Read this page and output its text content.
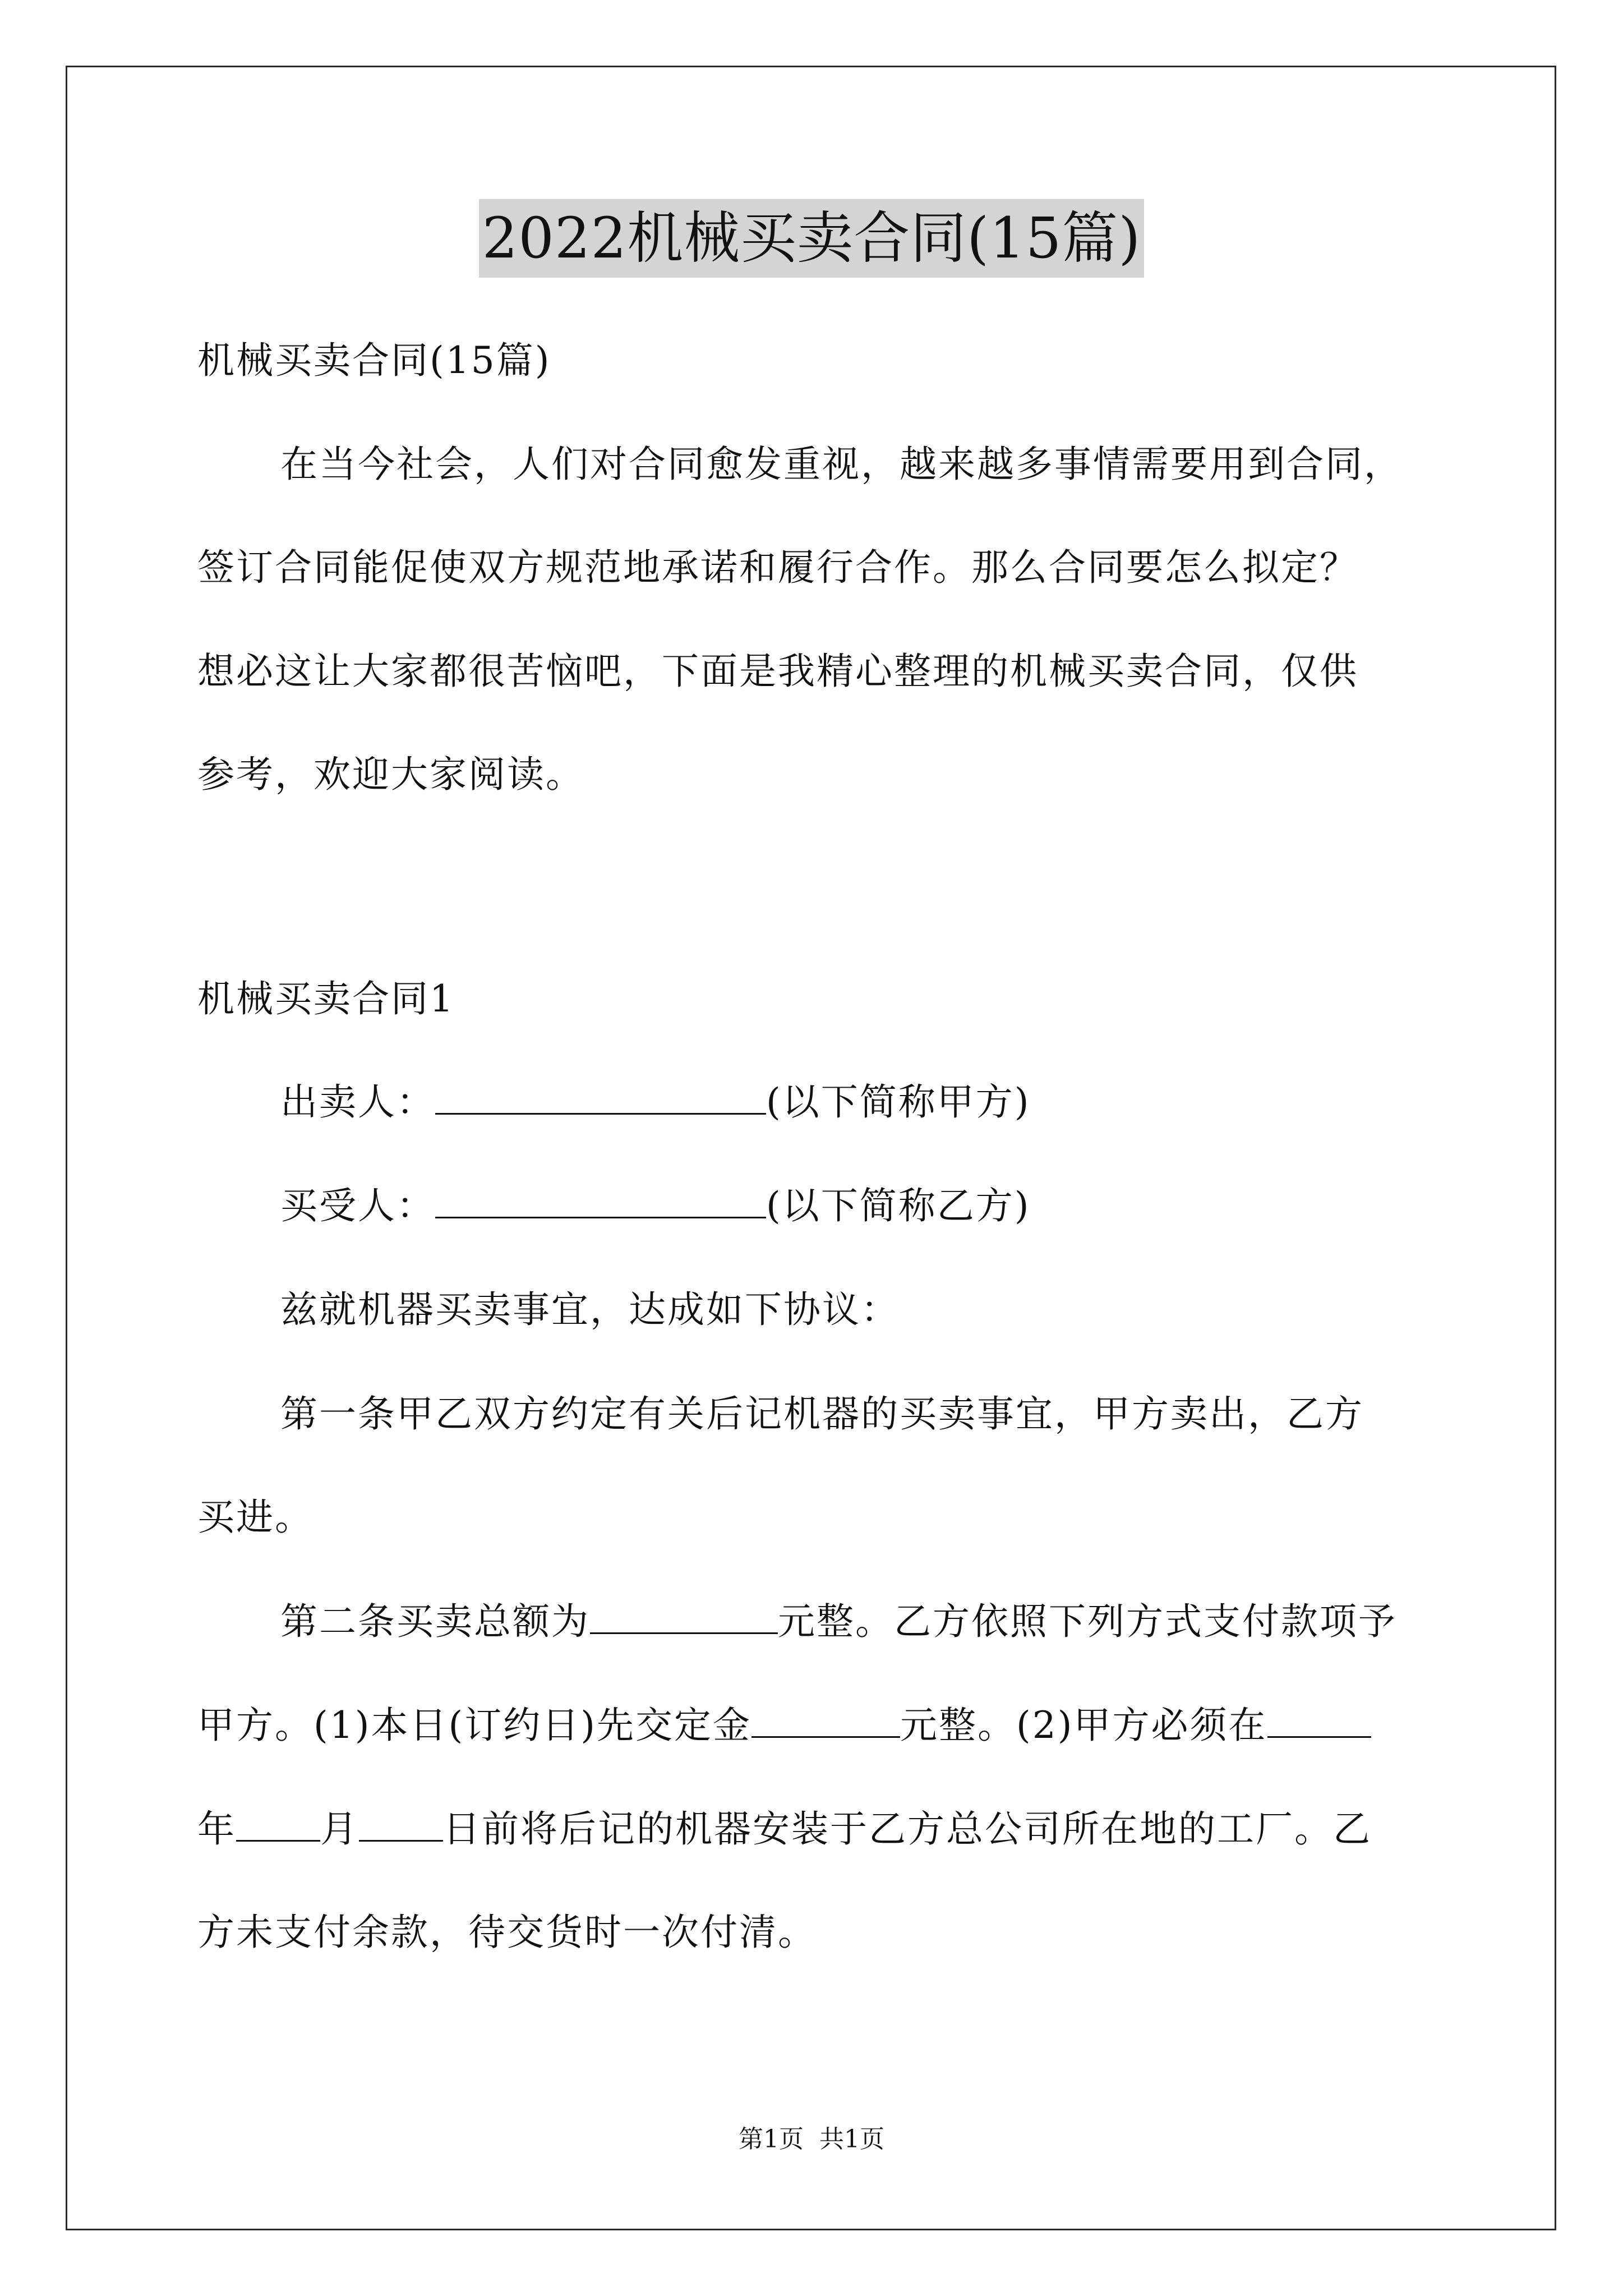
2022机械买卖合同(15篇)
机械买卖合同(15篇)
在当今社会，人们对合同愈发重视，越来越多事情需要用到合同，
签订合同能促使双方规范地承诺和履行合作。那么合同要怎么拟定？
想必这让大家都很苦恼吧，下面是我精心整理的机械买卖合同，仅供
参考，欢迎大家阅读。
机械买卖合同1
出卖人：	(以下简称甲方)
买受人：	(以下简称乙方)
兹就机器买卖事宜，达成如下协议：
第一条甲乙双方约定有关后记机器的买卖事宜，甲方卖出，乙方
买进。
第二条买卖总额为	元整。乙方依照下列方式支付款项予
甲方。(1)本日(订约日)先交定金	元整。(2)甲方必须在
年 月 日前将后记的机器安装于乙方总公司所在地的工厂。乙
方未支付余款，待交货时一次付清。
第1页 共1页
